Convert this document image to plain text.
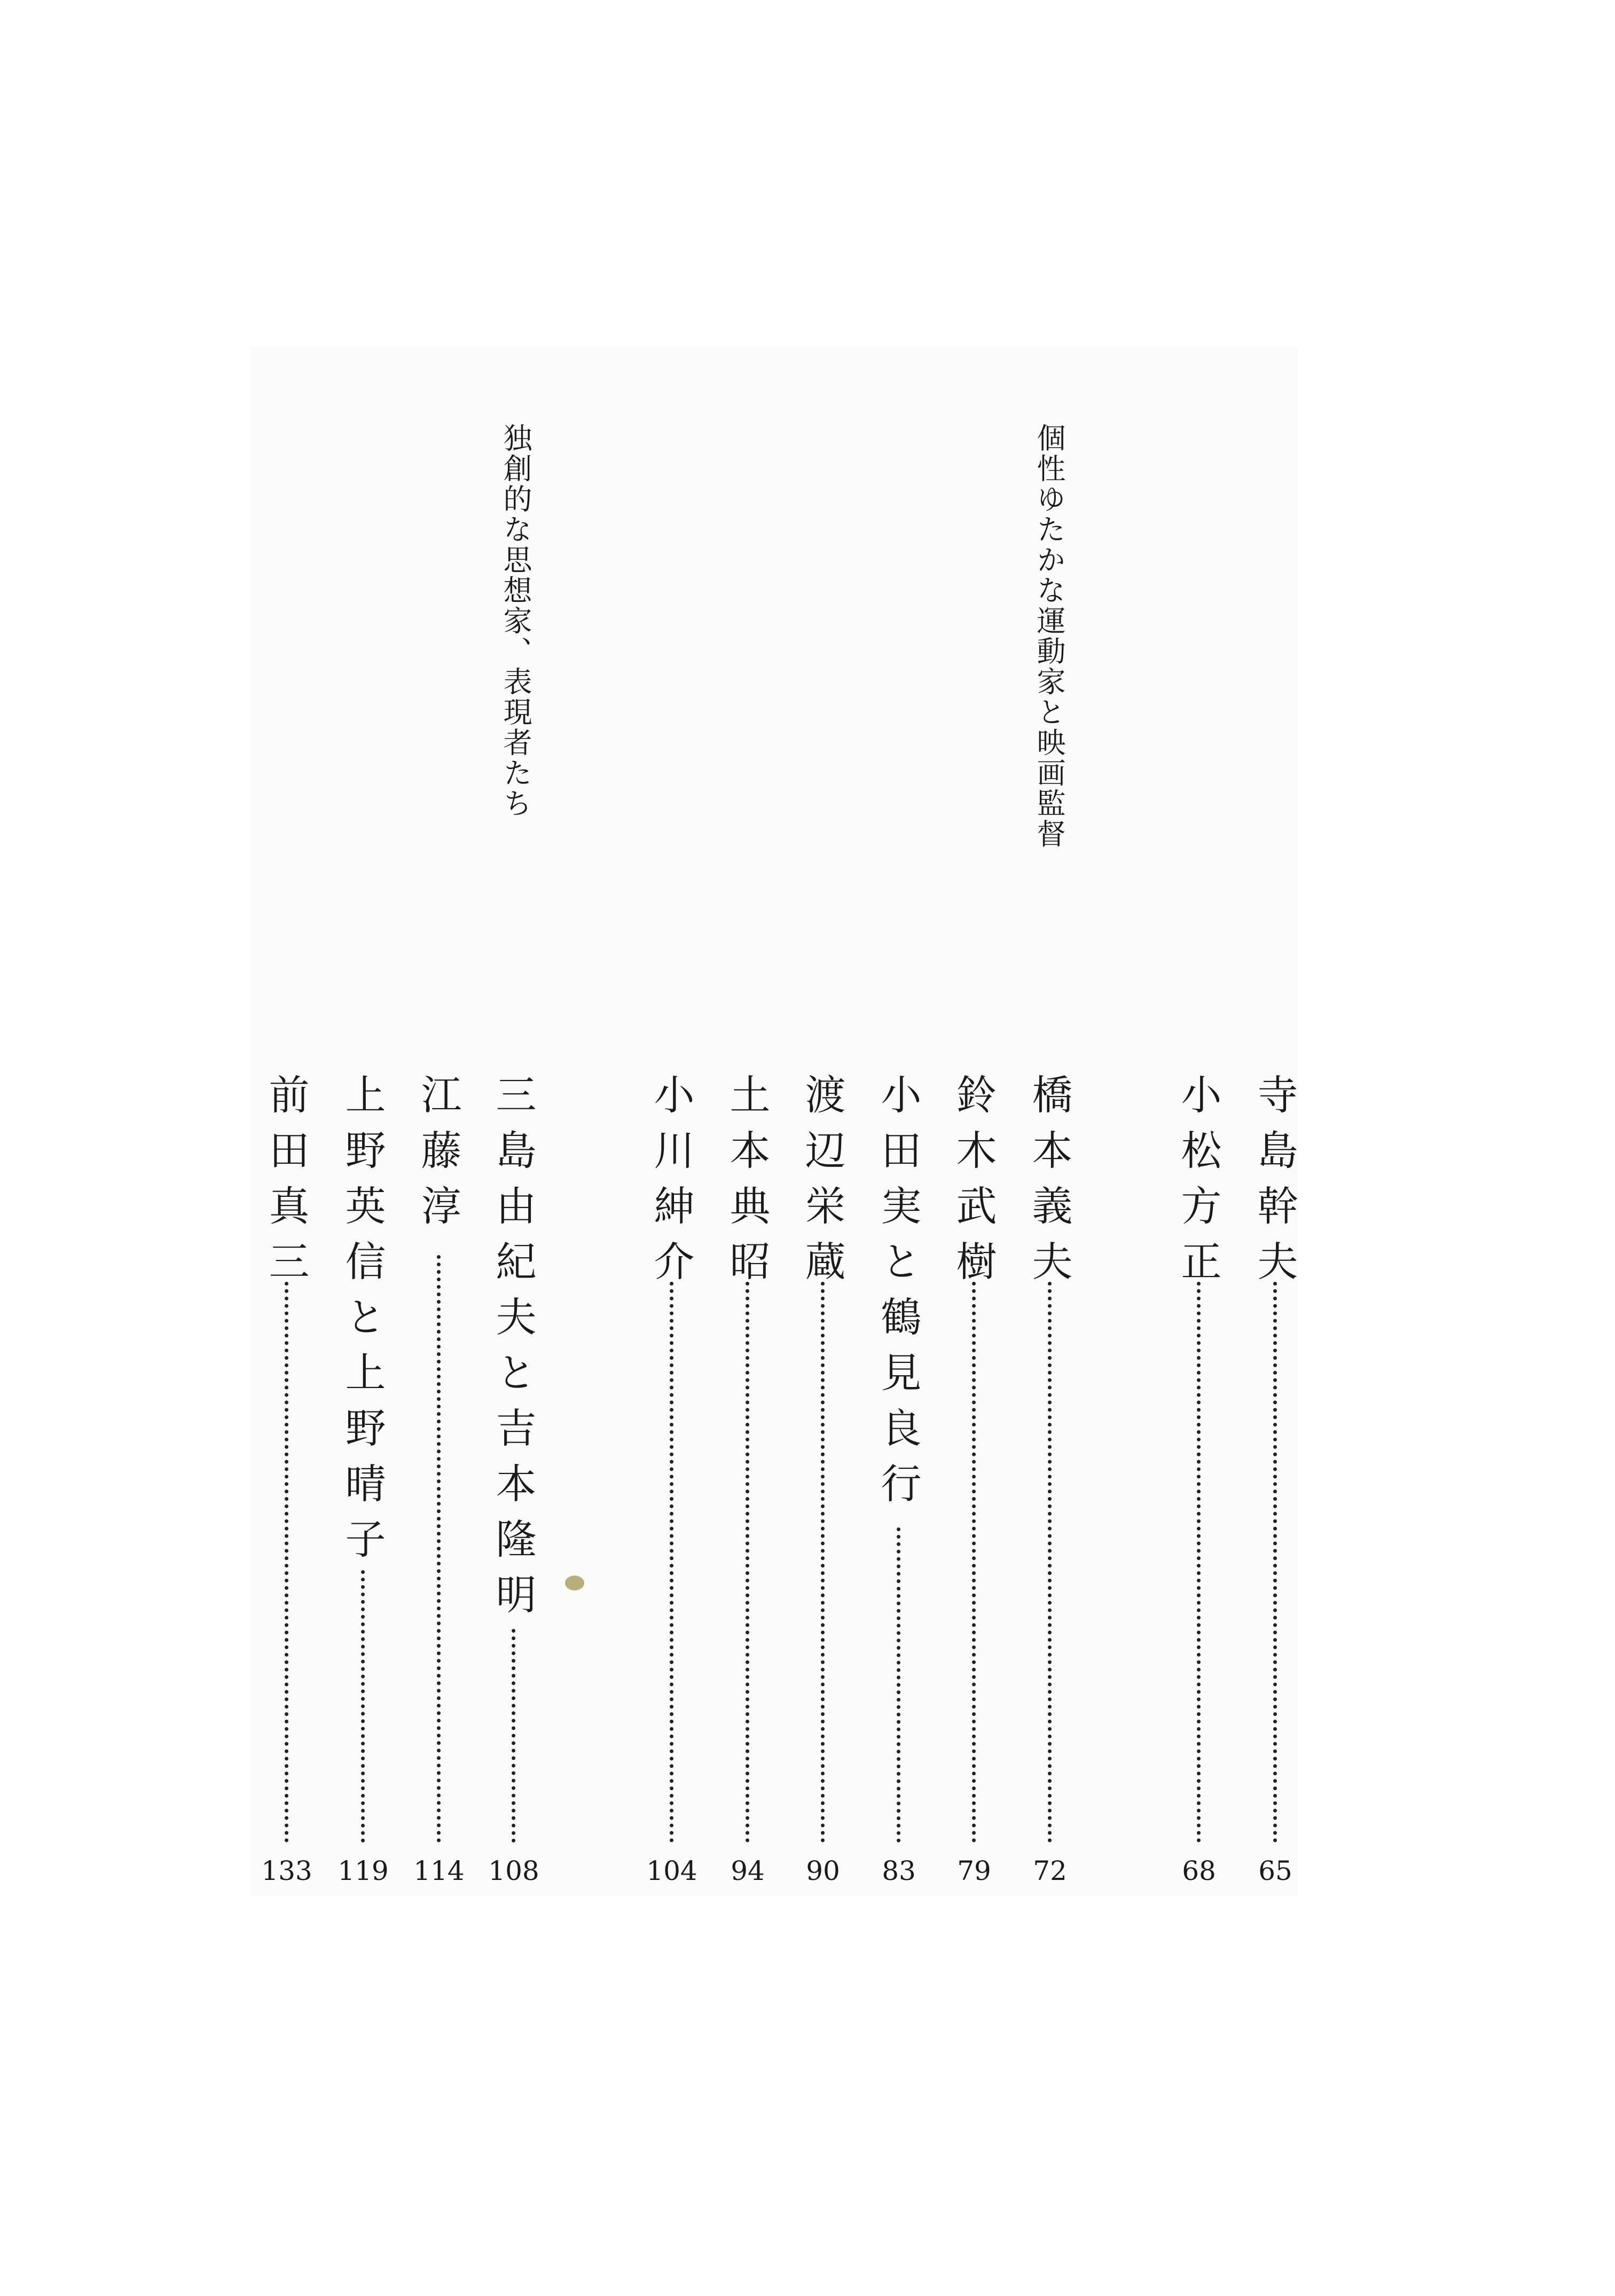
個性ゆたかな運動家と映画監督
独創的な思想家、表現者たち
寺島幹夫
65
小松方正
68
橋本義夫
72
鈴木武樹
79
小田実と鶴見良行
83
渡辺栄蔵
90
土本典昭
94
小川紳介
104
三島由紀夫と吉本隆明
108
江藤淳
114
上野英信と上野晴子
119
前田真三
133
